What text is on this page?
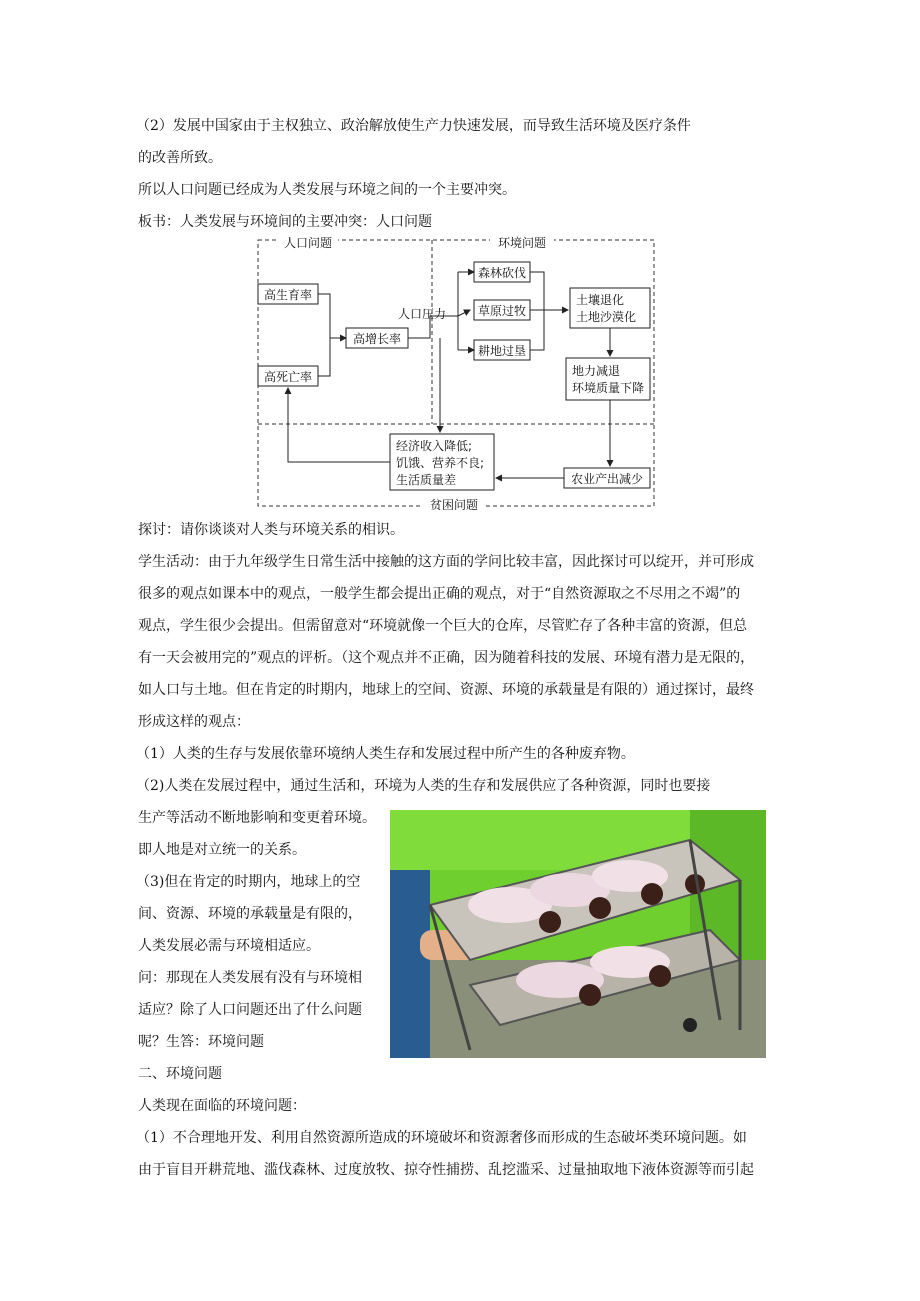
（2）发展中国家由于主权独立、政治解放使生产力快速发展，而导致生活环境及医疗条件
的改善所致。
所以人口问题已经成为人类发展与环境之间的一个主要冲突。
板书：人类发展与环境间的主要冲突：人口问题
人口问题	环境问题
贫困问题
高生育率
高死亡率
高增长率
人口压力
森林砍伐
草原过牧
耕地过垦
土壤退化
土地沙漠化
地力减退
环境质量下降
农业产出减少
经济收入降低;
饥饿、营养不良;
生活质量差
探讨：请你谈谈对人类与环境关系的相识。
学生活动：由于九年级学生日常生活中接触的这方面的学问比较丰富，因此探讨可以绽开，并可形成
很多的观点如课本中的观点，一般学生都会提出正确的观点，对于“自然资源取之不尽用之不竭”的
观点，学生很少会提出。但需留意对“环境就像一个巨大的仓库，尽管贮存了各种丰富的资源，但总
有一天会被用完的”观点的评析。（这个观点并不正确，因为随着科技的发展、环境有潜力是无限的，
如人口与土地。但在肯定的时期内，地球上的空间、资源、环境的承载量是有限的）通过探讨，最终
形成这样的观点：
（1）人类的生存与发展依靠环境纳人类生存和发展过程中所产生的各种废弃物。
（2)人类在发展过程中，通过生活和，环境为人类的生存和发展供应了各种资源，同时也要接
生产等活动不断地影响和变更着环境。
即人地是对立统一的关系。
（3)但在肯定的时期内，地球上的空
间、资源、环境的承载量是有限的，
人类发展必需与环境相适应。
问：那现在人类发展有没有与环境相
适应？除了人口问题还出了什么问题
呢？生答：环境问题
二、环境问题
人类现在面临的环境问题：
（1）不合理地开发、利用自然资源所造成的环境破坏和资源奢侈而形成的生态破坏类环境问题。如
由于盲目开耕荒地、滥伐森林、过度放牧、掠夺性捕捞、乱挖滥采、过量抽取地下液体资源等而引起
